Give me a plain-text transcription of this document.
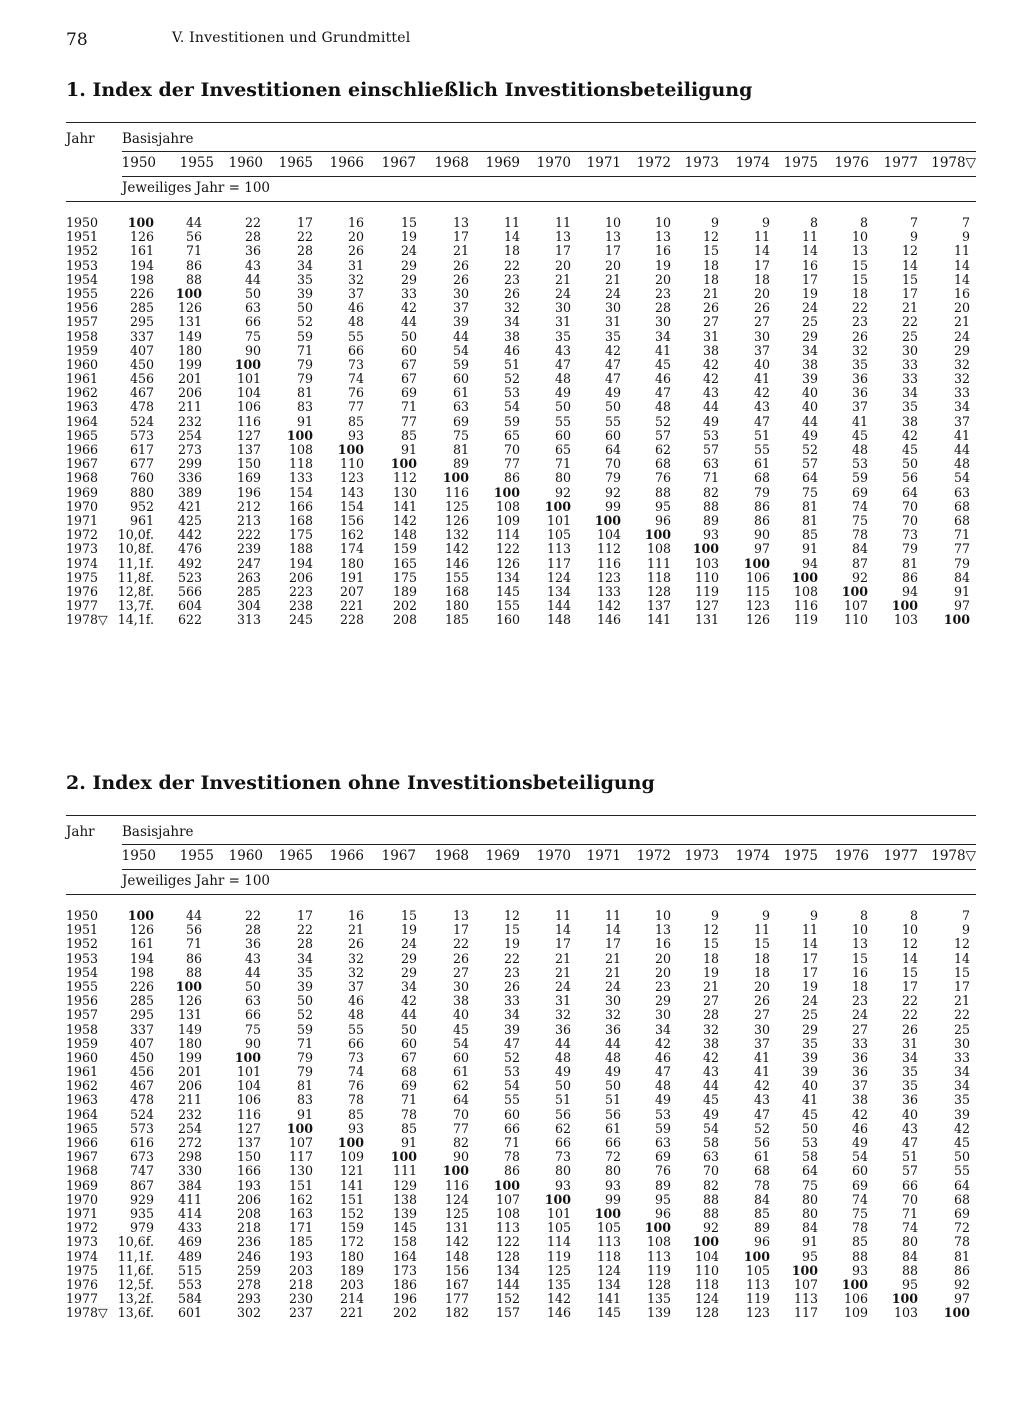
78	V. Investitionen und Grundmittel
1. Index der Investitionen einschließlich Investitionsbeteiligung
Jahr Basisjahre
1950 1955 1960 1965 1966 1967 1968 1969 1970 1971 1972 1973 1974 1975 1976 1977 1978▽
Jeweiliges Jahr = 100
1950 100	44	22	17	16	15	13	11	11	10	10	9	9	8	8	7	7
1951	126	56	28	22	20	19	17	14	13	13	13	12	11	11	10	9	9
1952	161	71	36	28	26	24	21	18	17	17	16	15	14	14	13	12	11
1953	194	86	43	34	31	29	26	22	20	20	19	18	17	16	15	14	14
1954	198	88	44	35	32	29	26	23	21	21	20	18	18	17	15	15	14
1955	226 100	50	39	37	33	30	26	24	24	23	21	20	19	18	17	16
1956	285 126	63	50	46	42	37	32	30	30	28	26	26	24	22	21	20
1957	295 131	66	52	48	44	39	34	31	31	30	27	27	25	23	22	21
1958	337 149	75	59	55	50	44	38	35	35	34	31	30	29	26	25	24
1959	407 180	90	71	66	60	54	46	43	42	41	38	37	34	32	30	29
1960	450 199	100	79	73	67	59	51	47	47	45	42	40	38	35	33	32
1961	456 201	101	79	74	67	60	52	48	47	46	42	41	39	36	33	32
1962	467 206	104	81	76	69	61	53	49	49	47	43	42	40	36	34	33
1963	478 211	106	83	77	71	63	54	50	50	48	44	43	40	37	35	34
1964	524 232	116	91	85	77	69	59	55	55	52	49	47	44	41	38	37
1965	573 254	127 100	93	85	75	65	60	60	57	53	51	49	45	42	41
1966	617 273	137 108 100	91	81	70	65	64	62	57	55	52	48	45	44
1967	677 299	150 118 110 100	89	77	71	70	68	63	61	57	53	50	48
1968	760 336	169 133 123 112 100	86	80	79	76	71	68	64	59	56	54
1969	880 389	196 154 143 130 116 100	92	92	88	82	79	75	69	64	63
1970	952 421	212 166 154 141 125 108 100	99	95	88	86	81	74	70	68
1971	961 425	213 168 156 142 126 109 101 100	96	89	86	81	75	70	68
1972 10,0f. 442	222 175 162 148 132 114 105 104 100	93	90	85	78	73	71
1973 10,8f. 476	239 188 174 159 142 122 113 112 108 100	97	91	84	79	77
1974 11,1f. 492	247 194 180 165 146 126 117 116 111 103 100	94	87	81	79
1975 11,8f. 523	263 206 191 175 155 134 124 123 118 110 106 100	92	86	84
1976 12,8f. 566	285 223 207 189 168 145 134 133 128 119 115 108 100	94	91
1977 13,7f. 604	304 238 221 202 180 155 144 142 137 127 123 116 107 100	97
1978▽ 14,1f. 622	313 245 228 208 185 160 148 146 141 131 126 119 110 103 100
2. Index der Investitionen ohne Investitionsbeteiligung
Jahr Basisjahre
1950 1955 1960 1965 1966 1967 1968 1969 1970 1971 1972 1973 1974 1975 1976 1977 1978▽
Jeweiliges Jahr = 100
1950 100	44	22	17	16	15	13	12	11	11	10	9	9	9	8	8	7
1951	126	56	28	22	21	19	17	15	14	14	13	12	11	11	10	10	9
1952	161	71	36	28	26	24	22	19	17	17	16	15	15	14	13	12	12
1953	194	86	43	34	32	29	26	22	21	21	20	18	18	17	15	14	14
1954	198	88	44	35	32	29	27	23	21	21	20	19	18	17	16	15	15
1955	226 100	50	39	37	34	30	26	24	24	23	21	20	19	18	17	17
1956	285 126	63	50	46	42	38	33	31	30	29	27	26	24	23	22	21
1957	295 131	66	52	48	44	40	34	32	32	30	28	27	25	24	22	22
1958	337 149	75	59	55	50	45	39	36	36	34	32	30	29	27	26	25
1959	407 180	90	71	66	60	54	47	44	44	42	38	37	35	33	31	30
1960	450 199	100	79	73	67	60	52	48	48	46	42	41	39	36	34	33
1961	456 201	101	79	74	68	61	53	49	49	47	43	41	39	36	35	34
1962	467 206	104	81	76	69	62	54	50	50	48	44	42	40	37	35	34
1963	478 211	106	83	78	71	64	55	51	51	49	45	43	41	38	36	35
1964	524 232	116	91	85	78	70	60	56	56	53	49	47	45	42	40	39
1965	573 254	127 100	93	85	77	66	62	61	59	54	52	50	46	43	42
1966	616 272	137 107 100	91	82	71	66	66	63	58	56	53	49	47	45
1967	673 298	150 117 109 100	90	78	73	72	69	63	61	58	54	51	50
1968	747 330	166 130 121 111 100	86	80	80	76	70	68	64	60	57	55
1969	867 384	193 151 141 129 116 100	93	93	89	82	78	75	69	66	64
1970	929 411	206 162 151 138 124 107 100	99	95	88	84	80	74	70	68
1971	935 414	208 163 152 139 125 108 101 100	96	88	85	80	75	71	69
1972	979 433	218 171 159 145 131 113 105 105 100	92	89	84	78	74	72
1973 10,6f. 469	236 185 172 158 142 122 114 113 108 100	96	91	85	80	78
1974 11,1f. 489	246 193 180 164 148 128 119 118 113 104 100	95	88	84	81
1975 11,6f. 515	259 203 189 173 156 134 125 124 119 110 105 100	93	88	86
1976 12,5f. 553	278 218 203 186 167 144 135 134 128 118 113 107 100	95	92
1977 13,2f. 584	293 230 214 196 177 152 142 141 135 124 119 113 106 100	97
1978▽ 13,6f. 601	302 237 221 202 182 157 146 145 139 128 123 117 109 103 100
